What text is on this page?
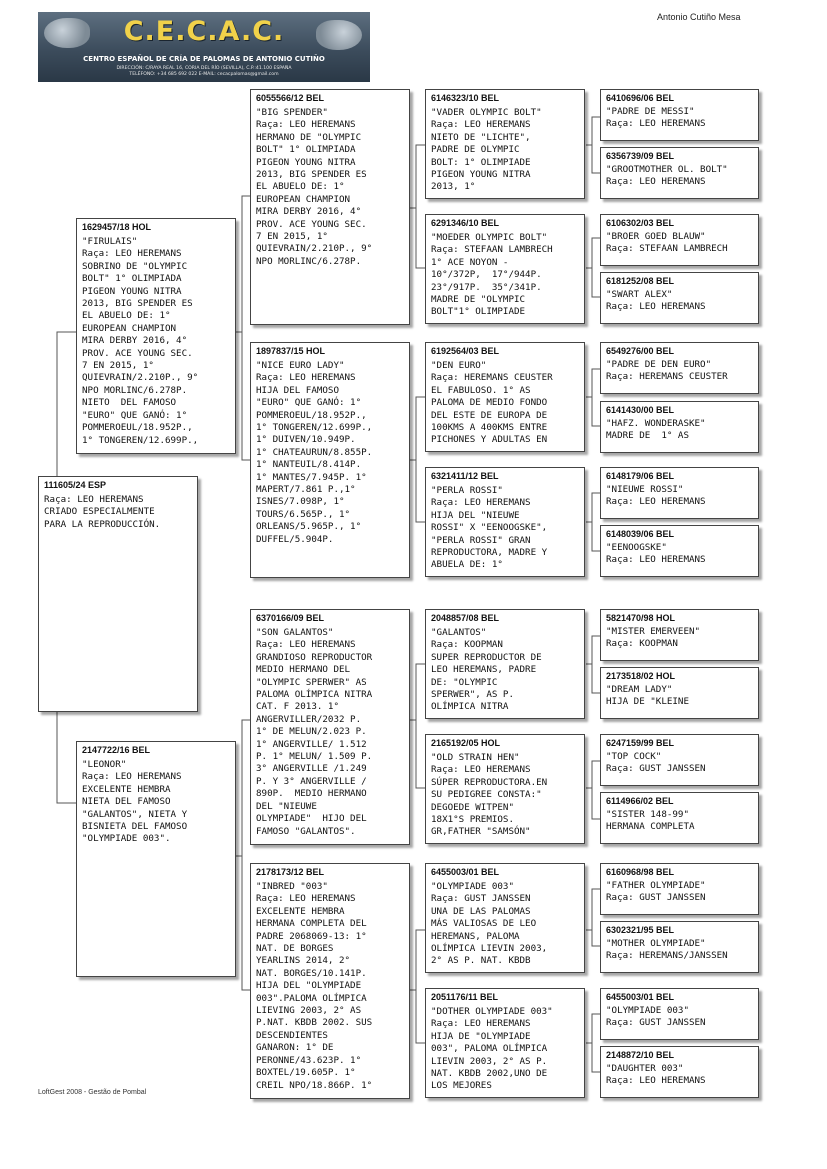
C.E.C.A.C.
CENTRO ESPAÑOL DE CRÍA DE PALOMAS DE ANTONIO CUTIÑO
DIRECCIÓN: C/RAYA REAL 16, CORIA DEL RÍO (SEVILLA), C.P.:41.100 ESPAÑA
TELÉFONO: +34 685 692 022 E-MAIL: cecacpalomas@gmail.com
Antonio Cutiño Mesa
111605/24 ESP
Raça: LEO HEREMANS
CRIADO ESPECIALMENTE
PARA LA REPRODUCCIÓN.
1629457/18 HOL
"FIRULAIS"
Raça: LEO HEREMANS
SOBRINO DE "OLYMPIC
BOLT" 1° OLIMPIADA
PIGEON YOUNG NITRA
2013, BIG SPENDER ES
EL ABUELO DE: 1°
EUROPEAN CHAMPION
MIRA DERBY 2016, 4°
PROV. ACE YOUNG SEC.
7 EN 2015, 1°
QUIEVRAIN/2.210P., 9°
NPO MORLINC/6.278P.
NIETO  DEL FAMOSO
"EURO" QUE GANÓ: 1°
POMMEROEUL/18.952P.,
1° TONGEREN/12.699P.,
2147722/16 BEL
"LEONOR"
Raça: LEO HEREMANS
EXCELENTE HEMBRA
NIETA DEL FAMOSO
"GALANTOS", NIETA Y
BISNIETA DEL FAMOSO
"OLYMPIADE 003".
6055566/12 BEL
"BIG SPENDER"
Raça: LEO HEREMANS
HERMANO DE "OLYMPIC
BOLT" 1° OLIMPIADA
PIGEON YOUNG NITRA
2013, BIG SPENDER ES
EL ABUELO DE: 1°
EUROPEAN CHAMPION
MIRA DERBY 2016, 4°
PROV. ACE YOUNG SEC.
7 EN 2015, 1°
QUIEVRAIN/2.210P., 9°
NPO MORLINC/6.278P.
1897837/15 HOL
"NICE EURO LADY"
Raça: LEO HEREMANS
HIJA DEL FAMOSO
"EURO" QUE GANÓ: 1°
POMMEROEUL/18.952P.,
1° TONGEREN/12.699P.,
1° DUIVEN/10.949P.
1° CHATEAURUN/8.855P.
1° NANTEUIL/8.414P.
1° MANTES/7.945P. 1°
MAPERT/7.861 P.,1°
ISNES/7.098P, 1°
TOURS/6.565P., 1°
ORLEANS/5.965P., 1°
DUFFEL/5.904P.
6370166/09 BEL
"SON GALANTOS"
Raça: LEO HEREMANS
GRANDIOSO REPRODUCTOR
MEDIO HERMANO DEL
"OLYMPIC SPERWER" AS
PALOMA OLÍMPICA NITRA
CAT. F 2013. 1°
ANGERVILLER/2032 P.
1° DE MELUN/2.023 P.
1° ANGERVILLE/ 1.512
P. 1° MELUN/ 1.509 P.
3° ANGERVILLE /1.249
P. Y 3° ANGERVILLE /
890P.  MEDIO HERMANO
DEL "NIEUWE
OLYMPIADE"  HIJO DEL
FAMOSO "GALANTOS".
2178173/12 BEL
"INBRED "003"
Raça: LEO HEREMANS
EXCELENTE HEMBRA
HERMANA COMPLETA DEL
PADRE 2068069-13: 1°
NAT. DE BORGES
YEARLINS 2014, 2°
NAT. BORGES/10.141P.
HIJA DEL "OLYMPIADE
003".PALOMA OLÍMPICA
LIEVING 2003, 2° AS
P.NAT. KBDB 2002. SUS
DESCENDIENTES
GANARON: 1° DE
PERONNE/43.623P. 1°
BOXTEL/19.605P. 1°
CREIL NPO/18.866P. 1°
6146323/10 BEL
"VADER OLYMPIC BOLT"
Raça: LEO HEREMANS
NIETO DE "LICHTE",
PADRE DE OLYMPIC
BOLT: 1° OLIMPIADE
PIGEON YOUNG NITRA
2013, 1°
6291346/10 BEL
"MOEDER OLYMPIC BOLT"
Raça: STEFAAN LAMBRECH
1° ACE NOYON -
10°/372P,  17°/944P.
23°/917P.  35°/341P.
MADRE DE "OLYMPIC
BOLT"1° OLIMPIADE
6192564/03 BEL
"DEN EURO"
Raça: HEREMANS CEUSTER
EL FABULOSO. 1° AS
PALOMA DE MEDIO FONDO
DEL ESTE DE EUROPA DE
100KMS A 400KMS ENTRE
PICHONES Y ADULTAS EN
6321411/12 BEL
"PERLA ROSSI"
Raça: LEO HEREMANS
HIJA DEL "NIEUWE
ROSSI" X "EENOOGSKE",
"PERLA ROSSI" GRAN
REPRODUCTORA, MADRE Y
ABUELA DE: 1°
2048857/08 BEL
"GALANTOS"
Raça: KOOPMAN
SUPER REPRODUCTOR DE
LEO HEREMANS, PADRE
DE: "OLYMPIC
SPERWER", AS P.
OLÍMPICA NITRA
2165192/05 HOL
"OLD STRAIN HEN"
Raça: LEO HEREMANS
SÚPER REPRODUCTORA.EN
SU PEDIGREE CONSTA:"
DEGOEDE WITPEN"
18X1°S PREMIOS.
GR,FATHER "SAMSÓN"
6455003/01 BEL
"OLYMPIADE 003"
Raça: GUST JANSSEN
UNA DE LAS PALOMAS
MÁS VALIOSAS DE LEO
HEREMANS, PALOMA
OLÍMPICA LIEVIN 2003,
2° AS P. NAT. KBDB
2051176/11 BEL
"DOTHER OLYMPIADE 003"
Raça: LEO HEREMANS
HIJA DE "OLYMPIADE
003", PALOMA OLÍMPICA
LIEVIN 2003, 2° AS P.
NAT. KBDB 2002,UNO DE
LOS MEJORES
6410696/06 BEL
"PADRE DE MESSI"
Raça: LEO HEREMANS
6356739/09 BEL
"GROOTMOTHER OL. BOLT"
Raça: LEO HEREMANS
6106302/03 BEL
"BROER GOED BLAUW"
Raça: STEFAAN LAMBRECH
6181252/08 BEL
"SWART ALEX"
Raça: LEO HEREMANS
6549276/00 BEL
"PADRE DE DEN EURO"
Raça: HEREMANS CEUSTER
6141430/00 BEL
"HAFZ. WONDERASKE"
MADRE DE  1° AS
6148179/06 BEL
"NIEUWE ROSSI"
Raça: LEO HEREMANS
6148039/06 BEL
"EENOOGSKE"
Raça: LEO HEREMANS
5821470/98 HOL
"MISTER EMERVEEN"
Raça: KOOPMAN
2173518/02 HOL
"DREAM LADY"
HIJA DE "KLEINE
6247159/99 BEL
"TOP COCK"
Raça: GUST JANSSEN
6114966/02 BEL
"SISTER 148-99"
HERMANA COMPLETA
6160968/98 BEL
"FATHER OLYMPIADE"
Raça: GUST JANSSEN
6302321/95 BEL
"MOTHER OLYMPIADE"
Raça: HEREMANS/JANSSEN
6455003/01 BEL
"OLYMPIADE 003"
Raça: GUST JANSSEN
2148872/10 BEL
"DAUGHTER 003"
Raça: LEO HEREMANS
LoftGest 2008 - Gestão de Pombal
